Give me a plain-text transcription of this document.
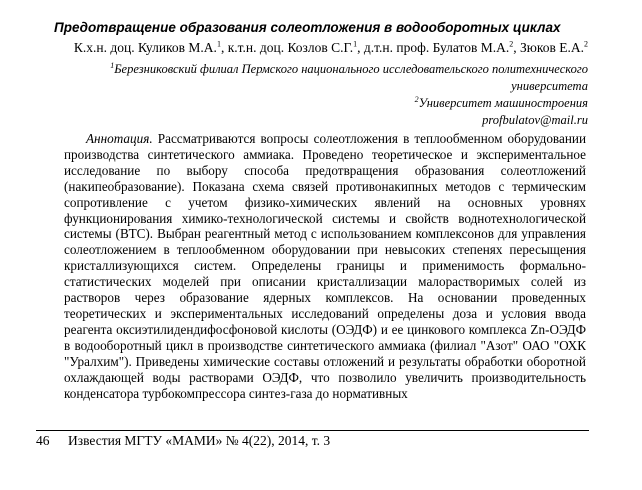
Предотвращение образования солеотложения в водооборотных циклах
К.х.н. доц. Куликов М.А.$^1$, к.т.н. доц. Козлов С.Г.$^1$, д.т.н. проф. Булатов М.А.$^2$, Зюков Е.А.$^2$
$^1$Березниковский филиал Пермского национального исследовательского политехнического университета
$^2$Университет машиностроения
profbulatov@mail.ru
Аннотация. Рассматриваются вопросы солеотложения в теплообменном оборудовании производства синтетического аммиака. Проведено теоретическое и экспериментальное исследование по выбору способа предотвращения образования солеотложений (накипеобразование). Показана схема связей противонакипных методов с термическим сопротивление с учетом физико-химических явлений на основных уровнях функционирования химико-технологической системы и свойств воднотехнологической системы (ВТС). Выбран реагентный метод с использованием комплексонов для управления солеотложением в теплообменном оборудовании при невысоких степенях пересыщения кристаллизующихся систем. Определены границы и применимость формально-статистических моделей при описании кристаллизации малорастворимых солей из растворов через образование ядерных комплексов. На основании проведенных теоретических и экспериментальных исследований определены доза и условия ввода реагента оксиэтилидендифосфоновой кислоты (ОЭДФ) и ее цинкового комплекса Zn-ОЭДФ в водооборотный цикл в производстве синтетического аммиака (филиал "Азот" ОАО "ОХК "Уралхим"). Приведены химические составы отложений и результаты обработки оборотной охлаждающей воды растворами ОЭДФ, что позволило увеличить производительность конденсатора турбокомпрессора синтез-газа до нормативных
46 Известия МГТУ «МАМИ» № 4(22), 2014, т. 3
